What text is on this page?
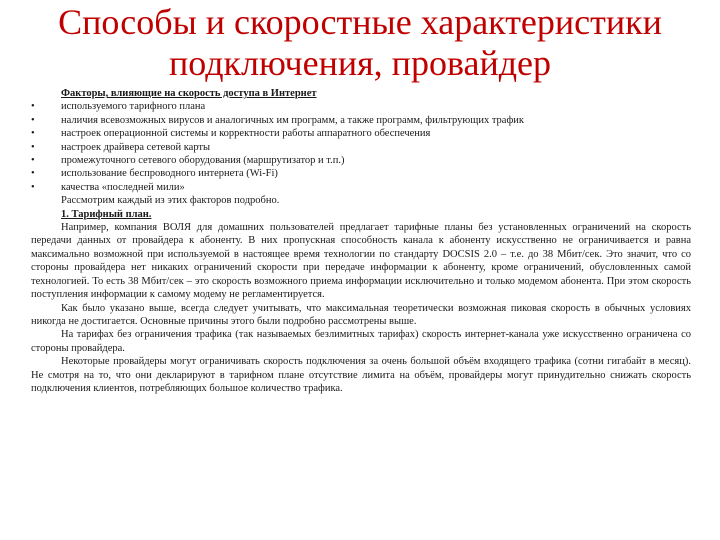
Способы и скоростные характеристики
подключения, провайдер

Факторы, влияющие на скорость доступа в Интернет

•	используемого тарифного плана
•	наличия всевозможных вирусов и аналогичных им программ, а также программ, фильтрующих трафик
•	настроек операционной системы и корректности работы аппаратного обеспечения
•	настроек драйвера сетевой карты
•	промежуточного сетевого оборудования (маршрутизатор и т.п.)
•	использование беспроводного интернета (Wi-Fi)
•	качества «последней мили»

Рассмотрим каждый из этих факторов подробно.

1. Тарифный план.

Например, компания ВОЛЯ для домашних пользователей предлагает тарифные планы без установленных ограничений на скорость передачи данных от провайдера к абоненту. В них пропускная способность канала к абоненту искусственно не ограничивается и равна максимально возможной при используемой в настоящее время технологии по стандарту DOCSIS 2.0 – т.е. до 38 Мбит/сек. Это значит, что со стороны провайдера нет никаких ограничений скорости при передаче информации к абоненту, кроме ограничений, обусловленных самой технологией. То есть 38 Мбит/сек – это скорость возможного приема информации исключительно и только модемом абонента. При этом скорость поступления информации к самому модему не регламентируется.

Как было указано выше, всегда следует учитывать, что максимальная теоретически возможная пиковая скорость в обычных условиях никогда не достигается. Основные причины этого были подробно рассмотрены выше.

На тарифах без ограничения трафика (так называемых безлимитных тарифах) скорость интернет-канала уже искусственно ограничена со стороны провайдера.

Некоторые провайдеры могут ограничивать скорость подключения за очень большой объём входящего трафика (сотни гигабайт в месяц). Не смотря на то, что они декларируют в тарифном плане отсутствие лимита на объём, провайдеры могут принудительно снижать скорость подключения клиентов, потребляющих большое количество трафика.
